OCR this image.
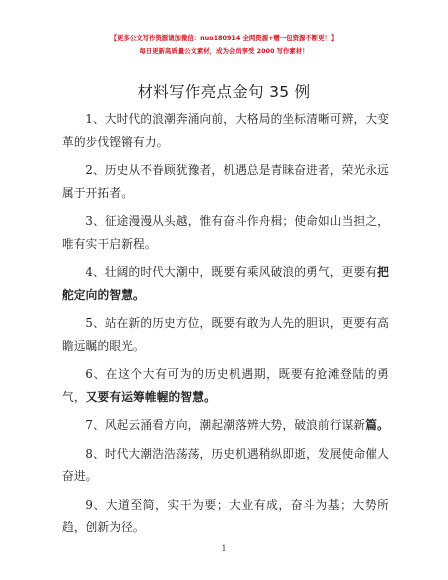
【更多公文写作资源请加微信：nuo180914 全网资源+赠一包资源不断更！】
每日更新高质量公文素材，成为会员享受 2000 写作素材！
材料写作亮点金句 35 例

1、大时代的浪潮奔涌向前，大格局的坐标清晰可辨，大变革的步伐铿锵有力。

2、历史从不眷顾犹豫者，机遇总是青睐奋进者，荣光永远属于开拓者。

3、征途漫漫从头越，惟有奋斗作舟楫；使命如山当担之，唯有实干启新程。

4、壮阔的时代大潮中，既要有乘风破浪的勇气，更要有把舵定向的智慧。

5、站在新的历史方位，既要有敢为人先的胆识，更要有高瞻远瞩的眼光。

6、在这个大有可为的历史机遇期，既要有抢滩登陆的勇气，又要有运筹帷幄的智慧。

7、风起云涌看方向，潮起潮落辨大势，破浪前行谋新篇。

8、时代大潮浩浩荡荡，历史机遇稍纵即逝，发展使命催人奋进。

9、大道至简，实干为要；大业有成，奋斗为基；大势所趋，创新为径。

1
